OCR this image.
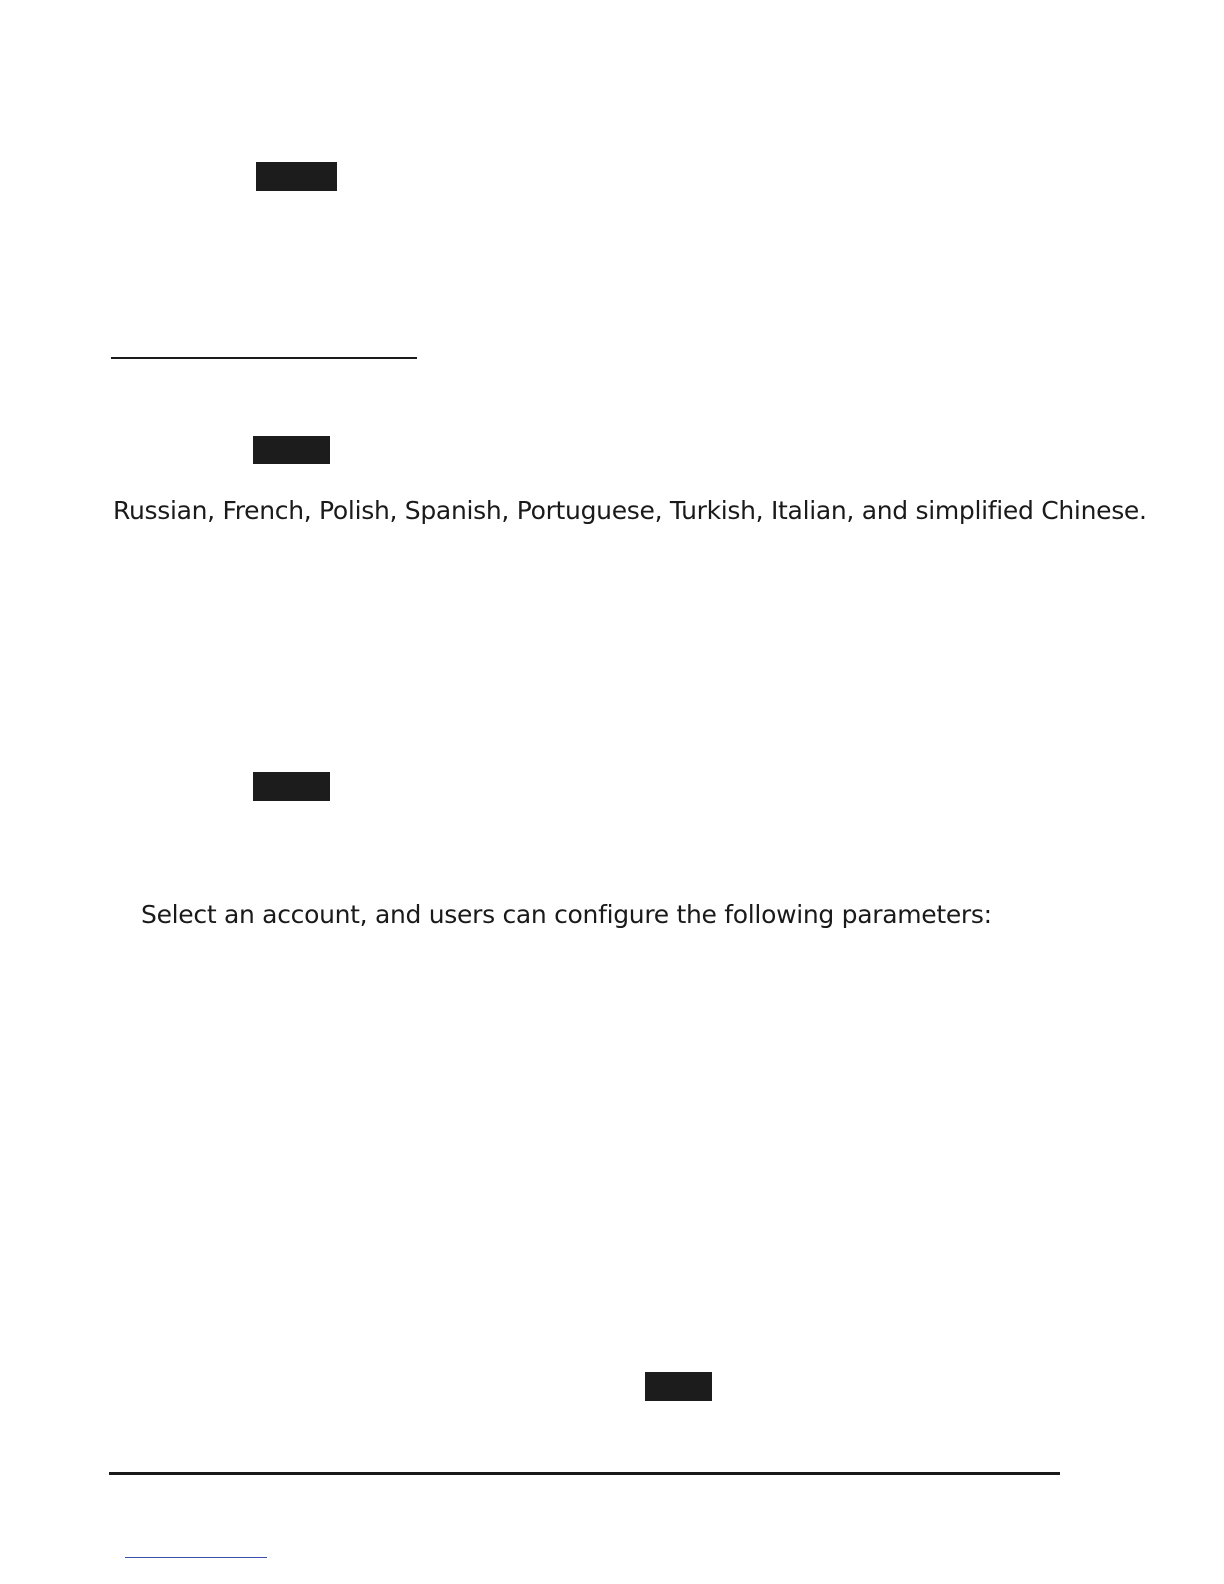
Russian, French, Polish, Spanish, Portuguese, Turkish, Italian, and simplified Chinese.
Select an account, and users can configure the following parameters:
